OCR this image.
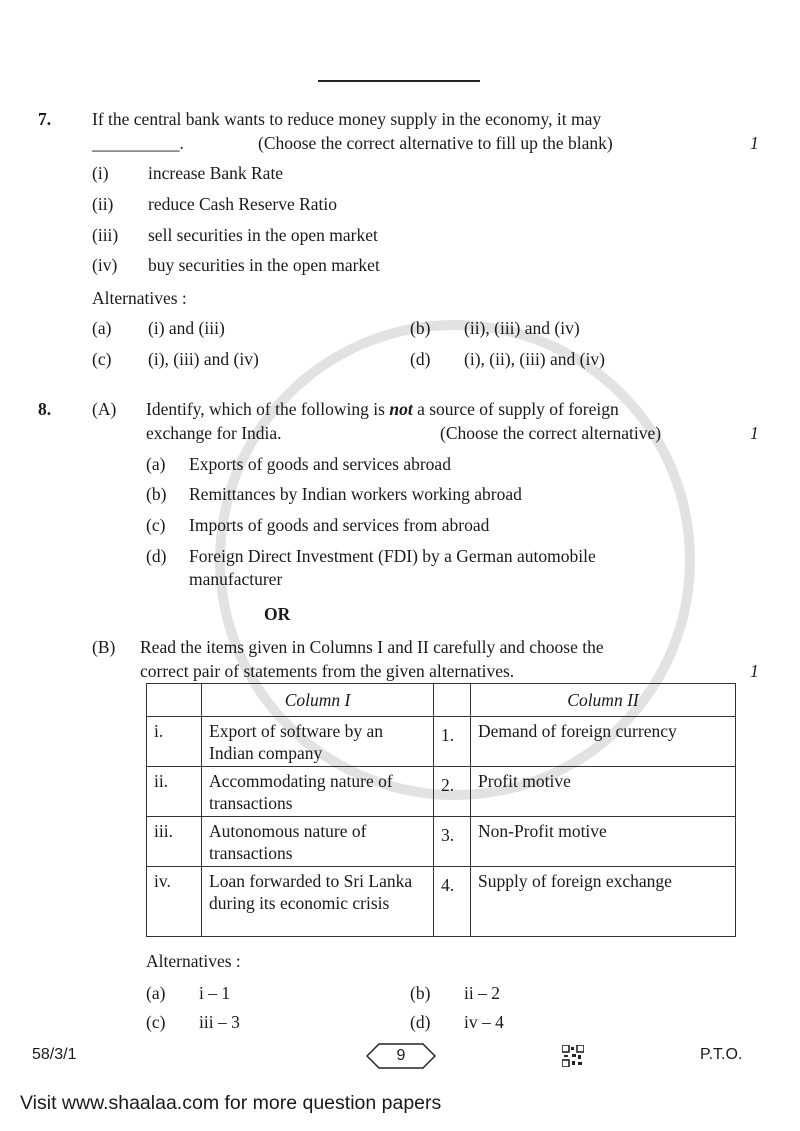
7. If the central bank wants to reduce money supply in the economy, it may
__________.	(Choose the correct alternative to fill up the blank)	1
(i) increase Bank Rate
(ii) reduce Cash Reserve Ratio
(iii) sell securities in the open market
(iv) buy securities in the open market
Alternatives :
(a) (i) and (iii)	(b) (ii), (iii) and (iv)
(c) (i), (iii) and (iv)	(d) (i), (ii), (iii) and (iv)
8. (A) Identify, which of the following is not a source of supply of foreign
exchange for India.	(Choose the correct alternative)	1
(a) Exports of goods and services abroad
(b) Remittances by Indian workers working abroad
(c) Imports of goods and services from abroad
(d) Foreign Direct Investment (FDI) by a German automobile
manufacturer
OR
(B) Read the items given in Columns I and II carefully and choose the
correct pair of statements from the given alternatives.	1
	Column I		Column II
i.	Export of software by an Indian company	1.	Demand of foreign currency
ii.	Accommodating nature of transactions	2.	Profit motive
iii.	Autonomous nature of transactions	3.	Non-Profit motive
iv.	Loan forwarded to Sri Lanka during its economic crisis	4.	Supply of foreign exchange
Alternatives :
(a) i – 1	(b) ii – 2
(c) iii – 3	(d) iv – 4
58/3/1	9	P.T.O.
Visit www.shaalaa.com for more question papers
